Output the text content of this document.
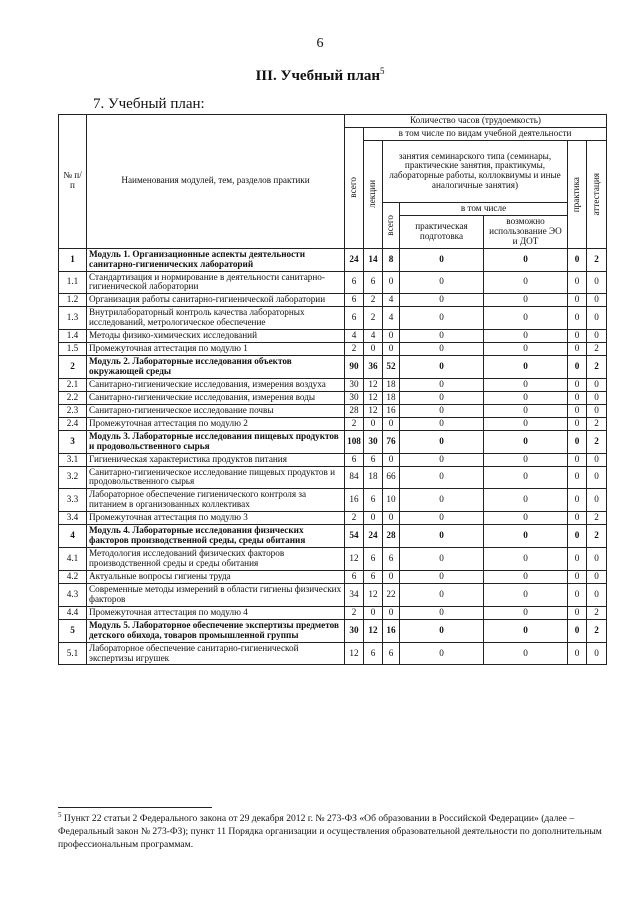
6
III. Учебный план$^5$
7. Учебный план:
№ п/п	Наименования модулей, тем, разделов практики	Количество часов (трудоемкость)						

		всего	в том числе по видам учебной деятельности					

			лекции	занятия семинарского типа (семинары, практические занятия, практикумы, лабораторные работы, коллоквиумы и иные аналогичные занятия)			практика	аттестация

				всего	в том числе			
					практическая подготовка	возможно использование ЭО и ДОТ		

1	Модуль 1. Организационные аспекты деятельности санитарно-гигиенических лабораторий	24	14	8	0	0	0	2
1.1	Стандартизация и нормирование в деятельности санитарно-гигиенической лаборатории	6	6	0	0	0	0	0
1.2	Организация работы санитарно-гигиенической лаборатории	6	2	4	0	0	0	0
1.3	Внутрилабораторный контроль качества лабораторных исследований, метрологическое обеспечение	6	2	4	0	0	0	0
1.4	Методы физико-химических исследований	4	4	0	0	0	0	0
1.5	Промежуточная аттестация по модулю 1	2	0	0	0	0	0	2
2	Модуль 2. Лабораторные исследования объектов окружающей среды	90	36	52	0	0	0	2
2.1	Санитарно-гигиенические исследования, измерения воздуха	30	12	18	0	0	0	0
2.2	Санитарно-гигиенические исследования, измерения воды	30	12	18	0	0	0	0
2.3	Санитарно-гигиеническое исследование почвы	28	12	16	0	0	0	0
2.4	Промежуточная аттестация по модулю 2	2	0	0	0	0	0	2
3	Модуль 3. Лабораторные исследования пищевых продуктов и продовольственного сырья	108	30	76	0	0	0	2
3.1	Гигиеническая характеристика продуктов питания	6	6	0	0	0	0	0
3.2	Санитарно-гигиеническое исследование пищевых продуктов и продовольственного сырья	84	18	66	0	0	0	0
3.3	Лабораторное обеспечение гигиенического контроля за питанием в организованных коллективах	16	6	10	0	0	0	0
3.4	Промежуточная аттестация по модулю 3	2	0	0	0	0	0	2
4	Модуль 4. Лабораторные исследования физических факторов производственной среды, среды обитания	54	24	28	0	0	0	2
4.1	Методология исследований физических факторов производственной среды и среды обитания	12	6	6	0	0	0	0
4.2	Актуальные вопросы гигиены труда	6	6	0	0	0	0	0
4.3	Современные методы измерений в области гигиены физических факторов	34	12	22	0	0	0	0
4.4	Промежуточная аттестация по модулю 4	2	0	0	0	0	0	2
5	Модуль 5. Лабораторное обеспечение экспертизы предметов детского обихода, товаров промышленной группы	30	12	16	0	0	0	2
5.1	Лабораторное обеспечение санитарно-гигиенической экспертизы игрушек	12	6	6	0	0	0	0
$^5$ Пункт 22 статьи 2 Федерального закона от 29 декабря 2012 г. № 273-ФЗ «Об образовании в Российской Федерации» (далее – Федеральный закон № 273-ФЗ); пункт 11 Порядка организации и осуществления образовательной деятельности по дополнительным профессиональным программам.
